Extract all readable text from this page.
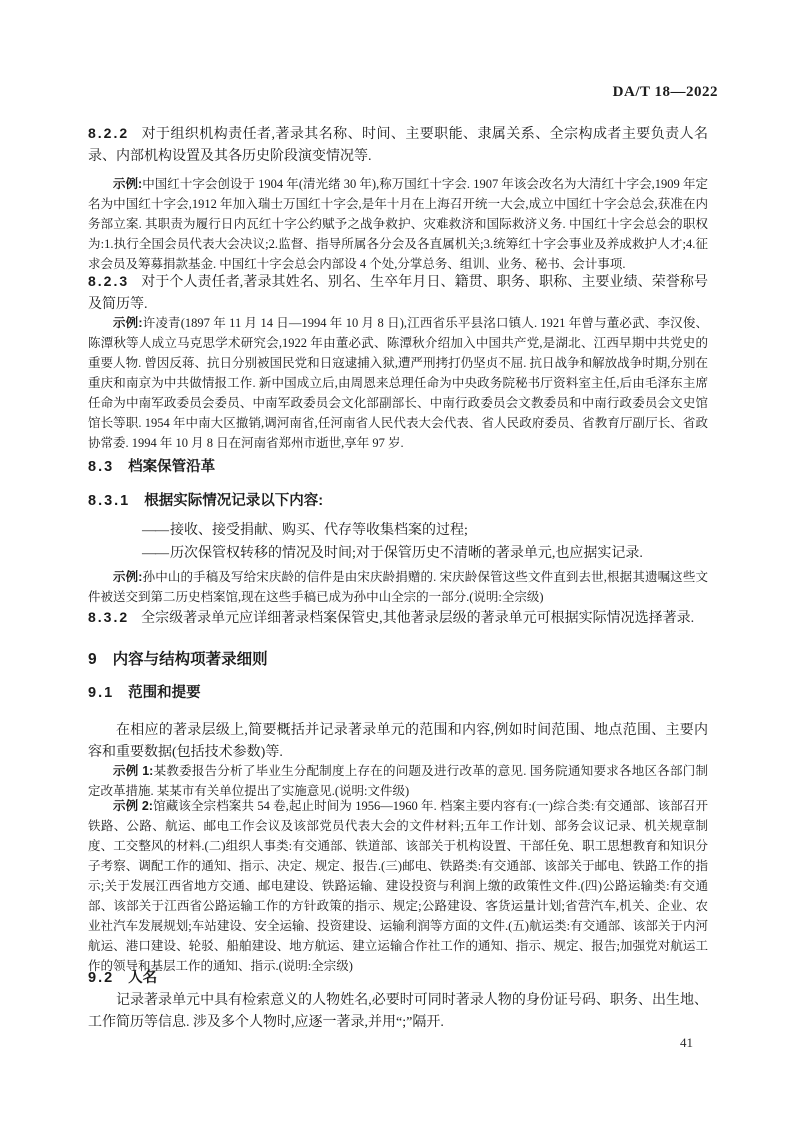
DA/T 18—2022

8.2.2 对于组织机构责任者,著录其名称、时间、主要职能、隶属关系、全宗构成者主要负责人名录、内部机构设置及其各历史阶段演变情况等.

示例:中国红十字会创设于 1904 年(清光绪 30 年),称万国红十字会. 1907 年该会改名为大清红十字会,1909 年定名为中国红十字会,1912 年加入瑞士万国红十字会,是年十月在上海召开统一大会,成立中国红十字会总会,获准在内务部立案. 其职责为履行日内瓦红十字公约赋予之战争救护、灾难救济和国际救济义务. 中国红十字会总会的职权为:1.执行全国会员代表大会决议;2.监督、指导所属各分会及各直属机关;3.统筹红十字会事业及养成救护人才;4.征求会员及筹募捐款基金. 中国红十字会总会内部设 4 个处,分掌总务、组训、业务、秘书、会计事项.

8.2.3 对于个人责任者,著录其姓名、别名、生卒年月日、籍贯、职务、职称、主要业绩、荣誉称号及简历等.

示例:许凌青(1897 年 11 月 14 日—1994 年 10 月 8 日),江西省乐平县洺口镇人. 1921 年曾与董必武、李汉俊、陈潭秋等人成立马克思学术研究会,1922 年由董必武、陈潭秋介绍加入中国共产党,是湖北、江西早期中共党史的重要人物. 曾因反蒋、抗日分别被国民党和日寇逮捕入狱,遭严刑拷打仍坚贞不屈. 抗日战争和解放战争时期,分别在重庆和南京为中共做情报工作. 新中国成立后,由周恩来总理任命为中央政务院秘书厅资料室主任,后由毛泽东主席任命为中南军政委员会委员、中南军政委员会文化部副部长、中南行政委员会文教委员和中南行政委员会文史馆馆长等职. 1954 年中南大区撤销,调河南省,任河南省人民代表大会代表、省人民政府委员、省教育厅副厅长、省政协常委. 1994 年 10 月 8 日在河南省郑州市逝世,享年 97 岁.

8.3 档案保管沿革
8.3.1 根据实际情况记录以下内容:

—— 接收、接受捐献、购买、代存等收集档案的过程;

—— 历次保管权转移的情况及时间;对于保管历史不清晰的著录单元,也应据实记录.

示例:孙中山的手稿及写给宋庆龄的信件是由宋庆龄捐赠的. 宋庆龄保管这些文件直到去世,根据其遗嘱这些文件被送交到第二历史档案馆,现在这些手稿已成为孙中山全宗的一部分.(说明:全宗级)

8.3.2 全宗级著录单元应详细著录档案保管史,其他著录层级的著录单元可根据实际情况选择著录.

9 内容与结构项著录细则
9.1 范围和提要

在相应的著录层级上,简要概括并记录著录单元的范围和内容,例如时间范围、地点范围、主要内容和重要数据(包括技术参数)等.

示例 1:某教委报告分析了毕业生分配制度上存在的问题及进行改革的意见. 国务院通知要求各地区各部门制定改革措施. 某某市有关单位提出了实施意见.(说明:文件级)

示例 2:馆藏该全宗档案共 54 卷,起止时间为 1956—1960 年. 档案主要内容有:(一)综合类:有交通部、该部召开铁路、公路、航运、邮电工作会议及该部党员代表大会的文件材料;五年工作计划、部务会议记录、机关规章制度、工交整风的材料.(二)组织人事类:有交通部、铁道部、该部关于机构设置、干部任免、职工思想教育和知识分子考察、调配工作的通知、指示、决定、规定、报告.(三)邮电、铁路类:有交通部、该部关于邮电、铁路工作的指示;关于发展江西省地方交通、邮电建设、铁路运输、建设投资与利润上缴的政策性文件.(四)公路运输类:有交通部、该部关于江西省公路运输工作的方针政策的指示、规定;公路建设、客货运量计划;省营汽车,机关、企业、农业社汽车发展规划;车站建设、安全运输、投资建设、运输利润等方面的文件.(五)航运类:有交通部、该部关于内河航运、港口建设、轮驳、船舶建设、地方航运、建立运输合作社工作的通知、指示、规定、报告;加强党对航运工作的领导和基层工作的通知、指示.(说明:全宗级)

9.2 人名

记录著录单元中具有检索意义的人物姓名,必要时可同时著录人物的身份证号码、职务、出生地、工作简历等信息. 涉及多个人物时,应逐一著录,并用“;”隔开.

41
